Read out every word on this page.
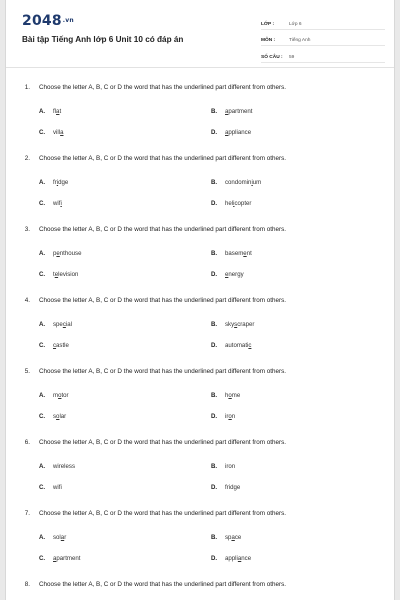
$2048^{.vn}$
Bài tập Tiếng Anh lớp 6 Unit 10 có đáp án
LỚP :	Lớp 6
MÔN :	Tiếng Anh
SỐ CÂU :	59
1.	Choose the letter A, B, C or D the word that has the underlined part different from others.
A.	flat	B.	apartment
C.	villa	D.	appliance
2.	Choose the letter A, B, C or D the word that has the underlined part different from others.
A.	fridge	B.	condominium
C.	wifi	D.	helicopter
3.	Choose the letter A, B, C or D the word that has the underlined part different from others.
A.	penthouse	B.	basement
C.	television	D.	energy
4.	Choose the letter A, B, C or D the word that has the underlined part different from others.
A.	special	B.	skyscraper
C.	castle	D.	automatic
5.	Choose the letter A, B, C or D the word that has the underlined part different from others.
A.	motor	B.	home
C.	solar	D.	iron
6.	Choose the letter A, B, C or D the word that has the underlined part different from others.
A.	wireless	B.	iron
C.	wifi	D.	fridge
7.	Choose the letter A, B, C or D the word that has the underlined part different from others.
A.	solar	B.	space
C.	apartment	D.	appliance
8.	Choose the letter A, B, C or D the word that has the underlined part different from others.
